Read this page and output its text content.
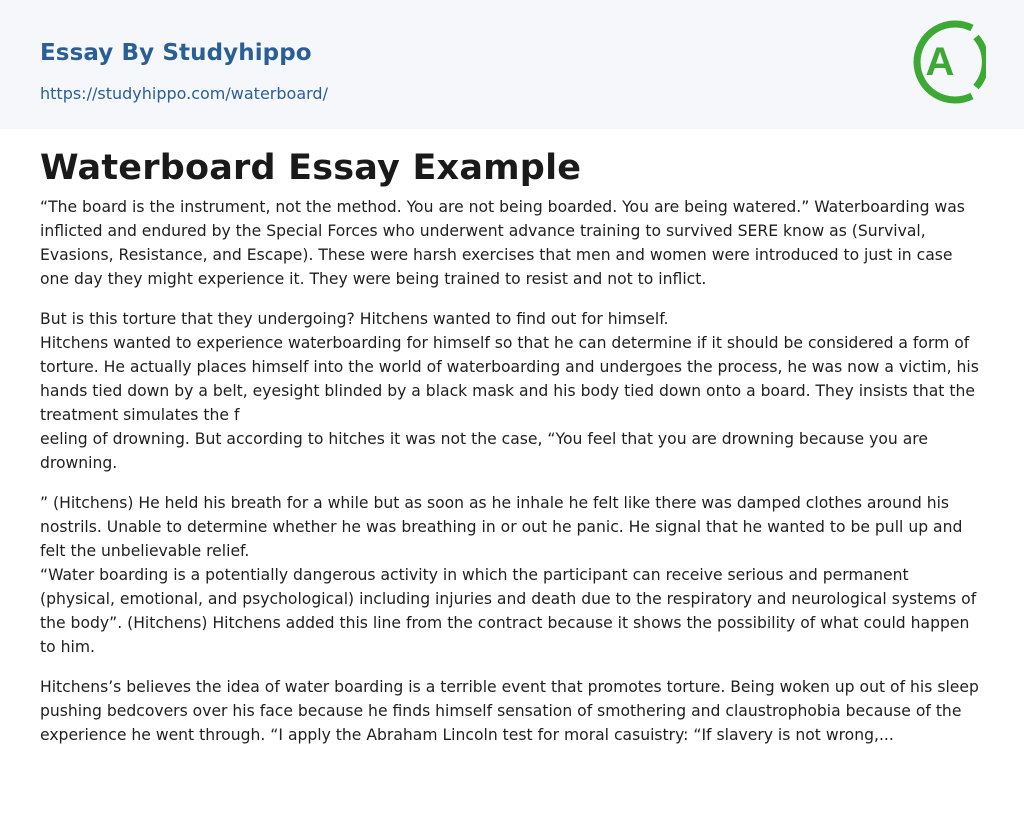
Essay By Studyhippo
https://studyhippo.com/waterboard/
A
Waterboard Essay Example

“The board is the instrument, not the method. You are not being boarded. You are being watered.” Waterboarding was inflicted and endured by the Special Forces who underwent advance training to survived SERE know as (Survival, Evasions, Resistance, and Escape). These were harsh exercises that men and women were introduced to just in case one day they might experience it. They were being trained to resist and not to inflict.

But is this torture that they undergoing? Hitchens wanted to find out for himself.
Hitchens wanted to experience waterboarding for himself so that he can determine if it should be considered a form of torture. He actually places himself into the world of waterboarding and undergoes the process, he was now a victim, his hands tied down by a belt, eyesight blinded by a black mask and his body tied down onto a board. They insists that the treatment simulates the f
eeling of drowning. But according to hitches it was not the case, “You feel that you are drowning because you are drowning.

” (Hitchens) He held his breath for a while but as soon as he inhale he felt like there was damped clothes around his nostrils. Unable to determine whether he was breathing in or out he panic. He signal that he wanted to be pull up and felt the unbelievable relief.
“Water boarding is a potentially dangerous activity in which the participant can receive serious and permanent (physical, emotional, and psychological) including injuries and death due to the respiratory and neurological systems of the body”. (Hitchens) Hitchens added this line from the contract because it shows the possibility of what could happen to him.

Hitchens’s believes the idea of water boarding is a terrible event that promotes torture. Being woken up out of his sleep pushing bedcovers over his face because he finds himself sensation of smothering and claustrophobia because of the experience he went through. “I apply the Abraham Lincoln test for moral casuistry: “If slavery is not wrong,...
